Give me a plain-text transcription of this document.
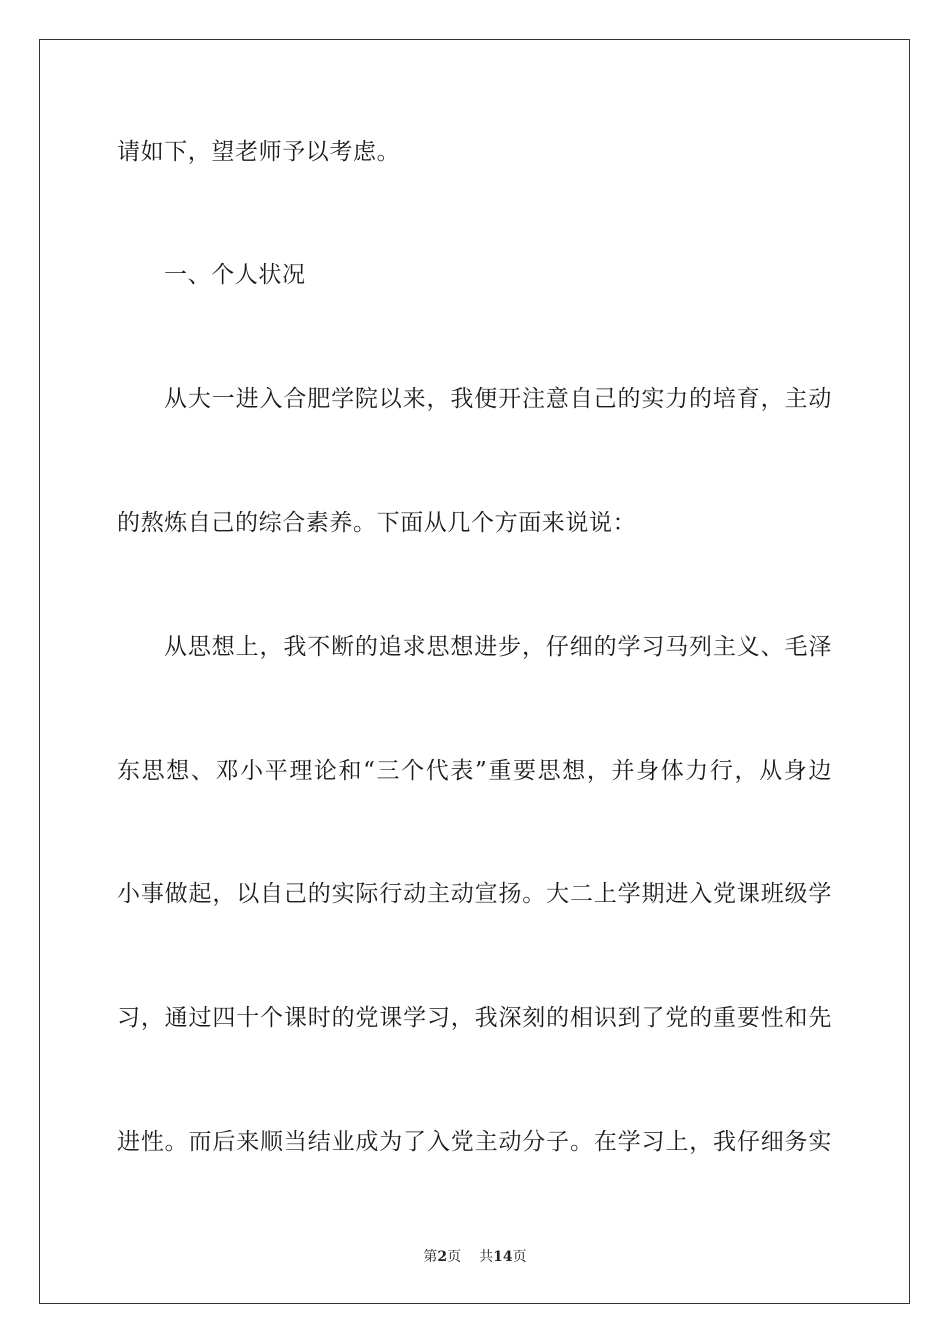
请如下，望老师予以考虑。
一、个人状况
从大一进入合肥学院以来，我便开注意自己的实力的培育，主动
的熬炼自己的综合素养。下面从几个方面来说说：
从思想上，我不断的追求思想进步，仔细的学习马列主义、毛泽
东思想、邓小平理论和“三个代表”重要思想，并身体力行，从身边
小事做起，以自己的实际行动主动宣扬。大二上学期进入党课班级学
习，通过四十个课时的党课学习，我深刻的相识到了党的重要性和先
进性。而后来顺当结业成为了入党主动分子。在学习上，我仔细务实
第2页 共14页
